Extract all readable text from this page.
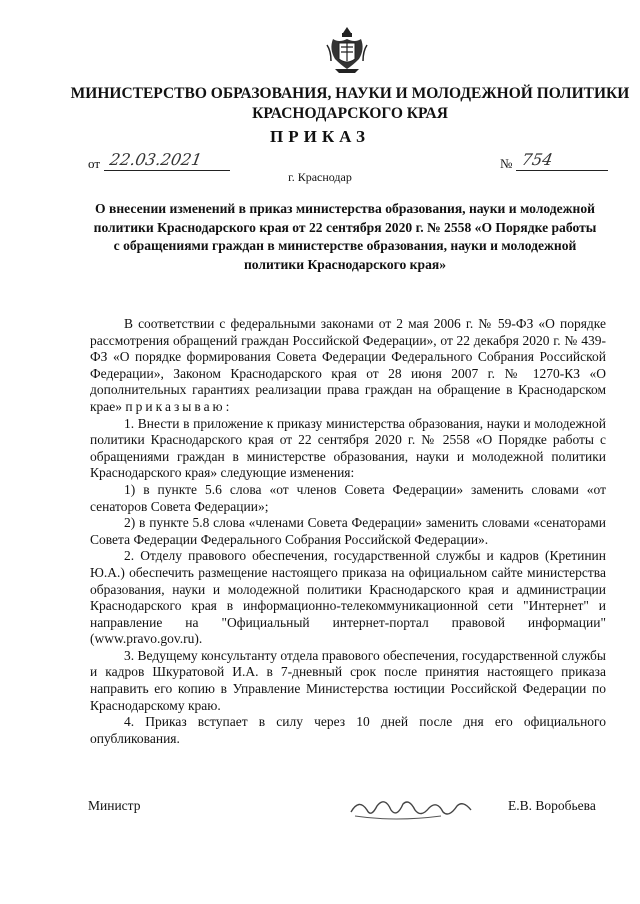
МИНИСТЕРСТВО ОБРАЗОВАНИЯ, НАУКИ И МОЛОДЕЖНОЙ ПОЛИТИКИ КРАСНОДАРСКОГО КРАЯ
ПРИКАЗ
от 22.03.2021	№ 754
г. Краснодар
О внесении изменений в приказ министерства образования, науки и молодежной политики Краснодарского края от 22 сентября 2020 г. № 2558 «О Порядке работы с обращениями граждан в министерстве образования, науки и молодежной политики Краснодарского края»

В соответствии с федеральными законами от 2 мая 2006 г. № 59-ФЗ «О порядке рассмотрения обращений граждан Российской Федерации», от 22 декабря 2020 г. № 439-ФЗ «О порядке формирования Совета Федерации Федерального Собрания Российской Федерации», Законом Краснодарского края от 28 июня 2007 г. № 1270-КЗ «О дополнительных гарантиях реализации права граждан на обращение в Краснодарском крае» приказываю:

1. Внести в приложение к приказу министерства образования, науки и молодежной политики Краснодарского края от 22 сентября 2020 г. № 2558 «О Порядке работы с обращениями граждан в министерстве образования, науки и молодежной политики Краснодарского края» следующие изменения:

1) в пункте 5.6 слова «от членов Совета Федерации» заменить словами «от сенаторов Совета Федерации»;

2) в пункте 5.8 слова «членами Совета Федерации» заменить словами «сенаторами Совета Федерации Федерального Собрания Российской Федерации».

2. Отделу правового обеспечения, государственной службы и кадров (Кретинин Ю.А.) обеспечить размещение настоящего приказа на официальном сайте министерства образования, науки и молодежной политики Краснодарского края и администрации Краснодарского края в информационно-телекоммуникационной сети "Интернет" и направление на "Официальный интернет-портал правовой информации" (www.pravo.gov.ru).

3. Ведущему консультанту отдела правового обеспечения, государственной службы и кадров Шкуратовой И.А. в 7-дневный срок после принятия настоящего приказа направить его копию в Управление Министерства юстиции Российской Федерации по Краснодарскому краю.

4. Приказ вступает в силу через 10 дней после дня его официального опубликования.

Министр	Е.В. Воробьева
